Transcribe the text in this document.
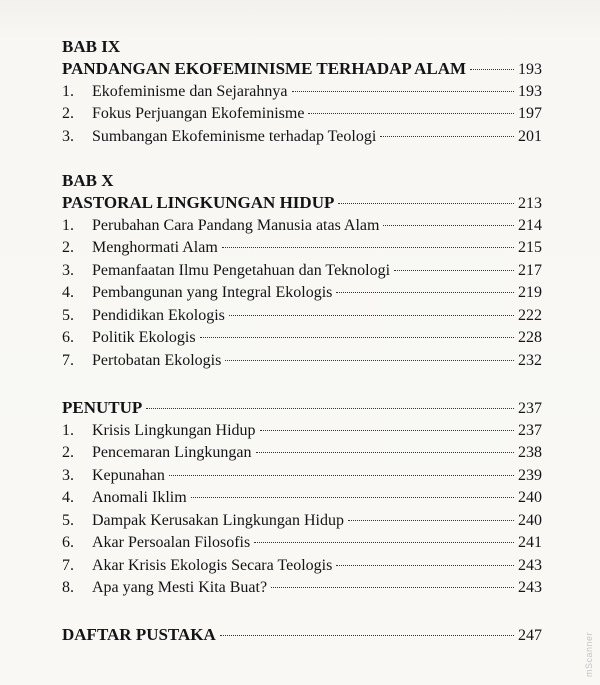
BAB IX
PANDANGAN EKOFEMINISME TERHADAP ALAM	193
1.	Ekofeminisme dan Sejarahnya	193
2.	Fokus Perjuangan Ekofeminisme	197
3.	Sumbangan Ekofeminisme terhadap Teologi	201
BAB X
PASTORAL LINGKUNGAN HIDUP	213
1.	Perubahan Cara Pandang Manusia atas Alam	214
2.	Menghormati Alam	215
3.	Pemanfaatan Ilmu Pengetahuan dan Teknologi	217
4.	Pembangunan yang Integral Ekologis	219
5.	Pendidikan Ekologis	222
6.	Politik Ekologis	228
7.	Pertobatan Ekologis	232
PENUTUP	237
1.	Krisis Lingkungan Hidup	237
2.	Pencemaran Lingkungan	238
3.	Kepunahan	239
4.	Anomali Iklim	240
5.	Dampak Kerusakan Lingkungan Hidup	240
6.	Akar Persoalan Filosofis	241
7.	Akar Krisis Ekologis Secara Teologis	243
8.	Apa yang Mesti Kita Buat?	243
DAFTAR PUSTAKA	247	mScanner
